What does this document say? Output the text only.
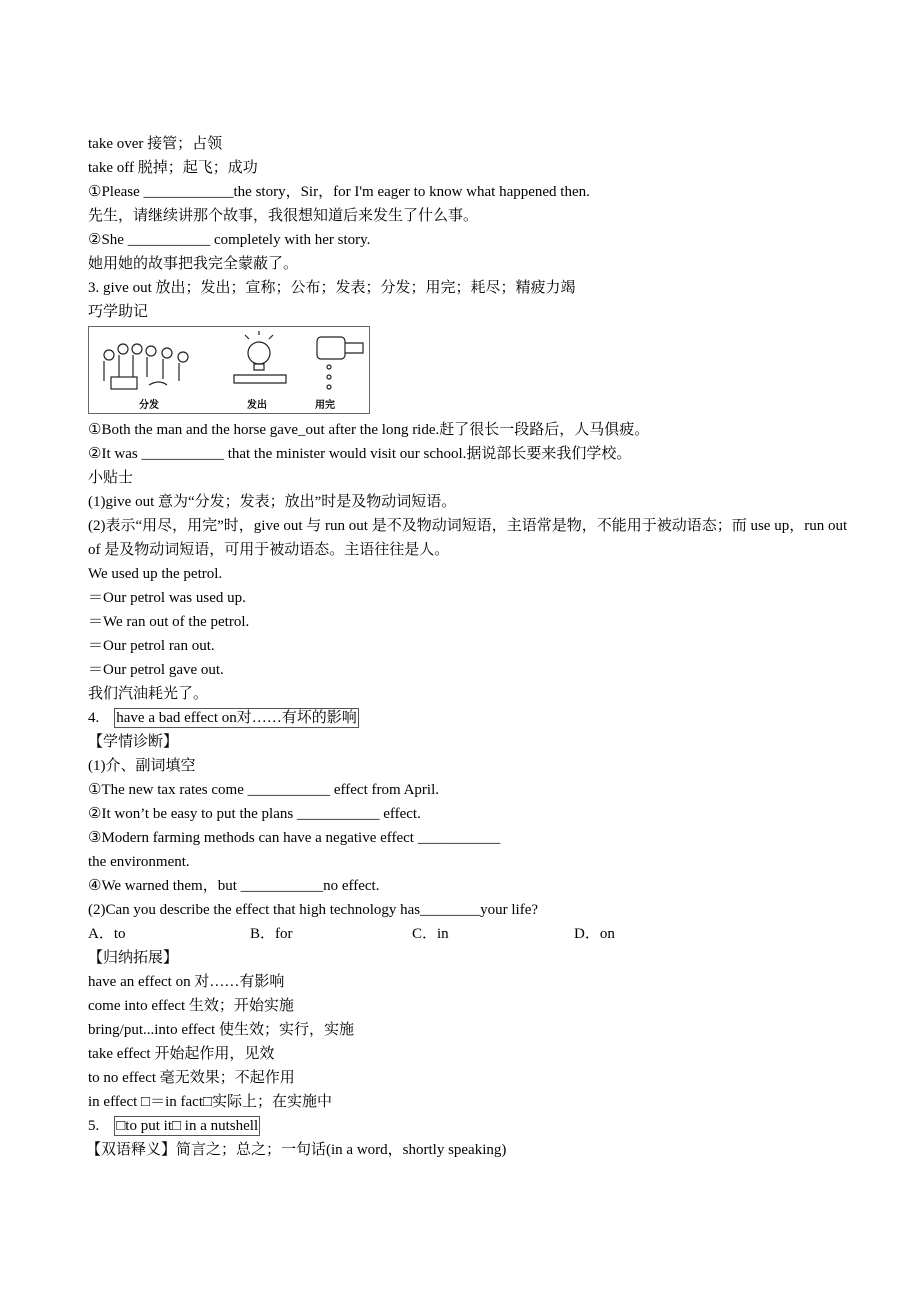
take over 接管；占领
take off 脱掉；起飞；成功
①Please ____________the story，Sir，for I'm eager to know what happened then.
先生，请继续讲那个故事，我很想知道后来发生了什么事。
②She ___________ completely with her story.
她用她的故事把我完全蒙蔽了。
3. give out 放出；发出；宣称；公布；发表；分发；用完；耗尽；精疲力竭
巧学助记
分发	发出	用完
①Both the man and the horse gave_out after the long ride.赶了很长一段路后，人马俱疲。
②It was ___________ that the minister would visit our school.据说部长要来我们学校。
小贴士
(1)give out 意为“分发；发表；放出”时是及物动词短语。
(2)表示“用尽，用完”时，give out 与 run out 是不及物动词短语，主语常是物，不能用于被动语态；而 use up，run out of 是及物动词短语，可用于被动语态。主语往往是人。
We used up the petrol.
＝Our petrol was used up.
＝We ran out of the petrol.
＝Our petrol ran out.
＝Our petrol gave out.
我们汽油耗光了。
4. have a bad effect on对……有坏的影响
【学情诊断】
(1)介、副词填空
①The new tax rates come ___________ effect from April.
②It won’t be easy to put the plans ___________ effect.
③Modern farming methods can have a negative effect ___________
the environment.
④We warned them，but ___________no effect.
(2)Can you describe the effect that high technology has________your life?
A．to	B．for	C．in	D．on
【归纳拓展】
have an effect on 对……有影响
come into effect 生效；开始实施
bring/put...into effect 使生效；实行，实施
take effect 开始起作用，见效
to no effect 毫无效果；不起作用
in effect □＝in fact□实际上；在实施中
5. □to put it□ in a nutshell
【双语释义】简言之；总之；一句话(in a word，shortly speaking)
